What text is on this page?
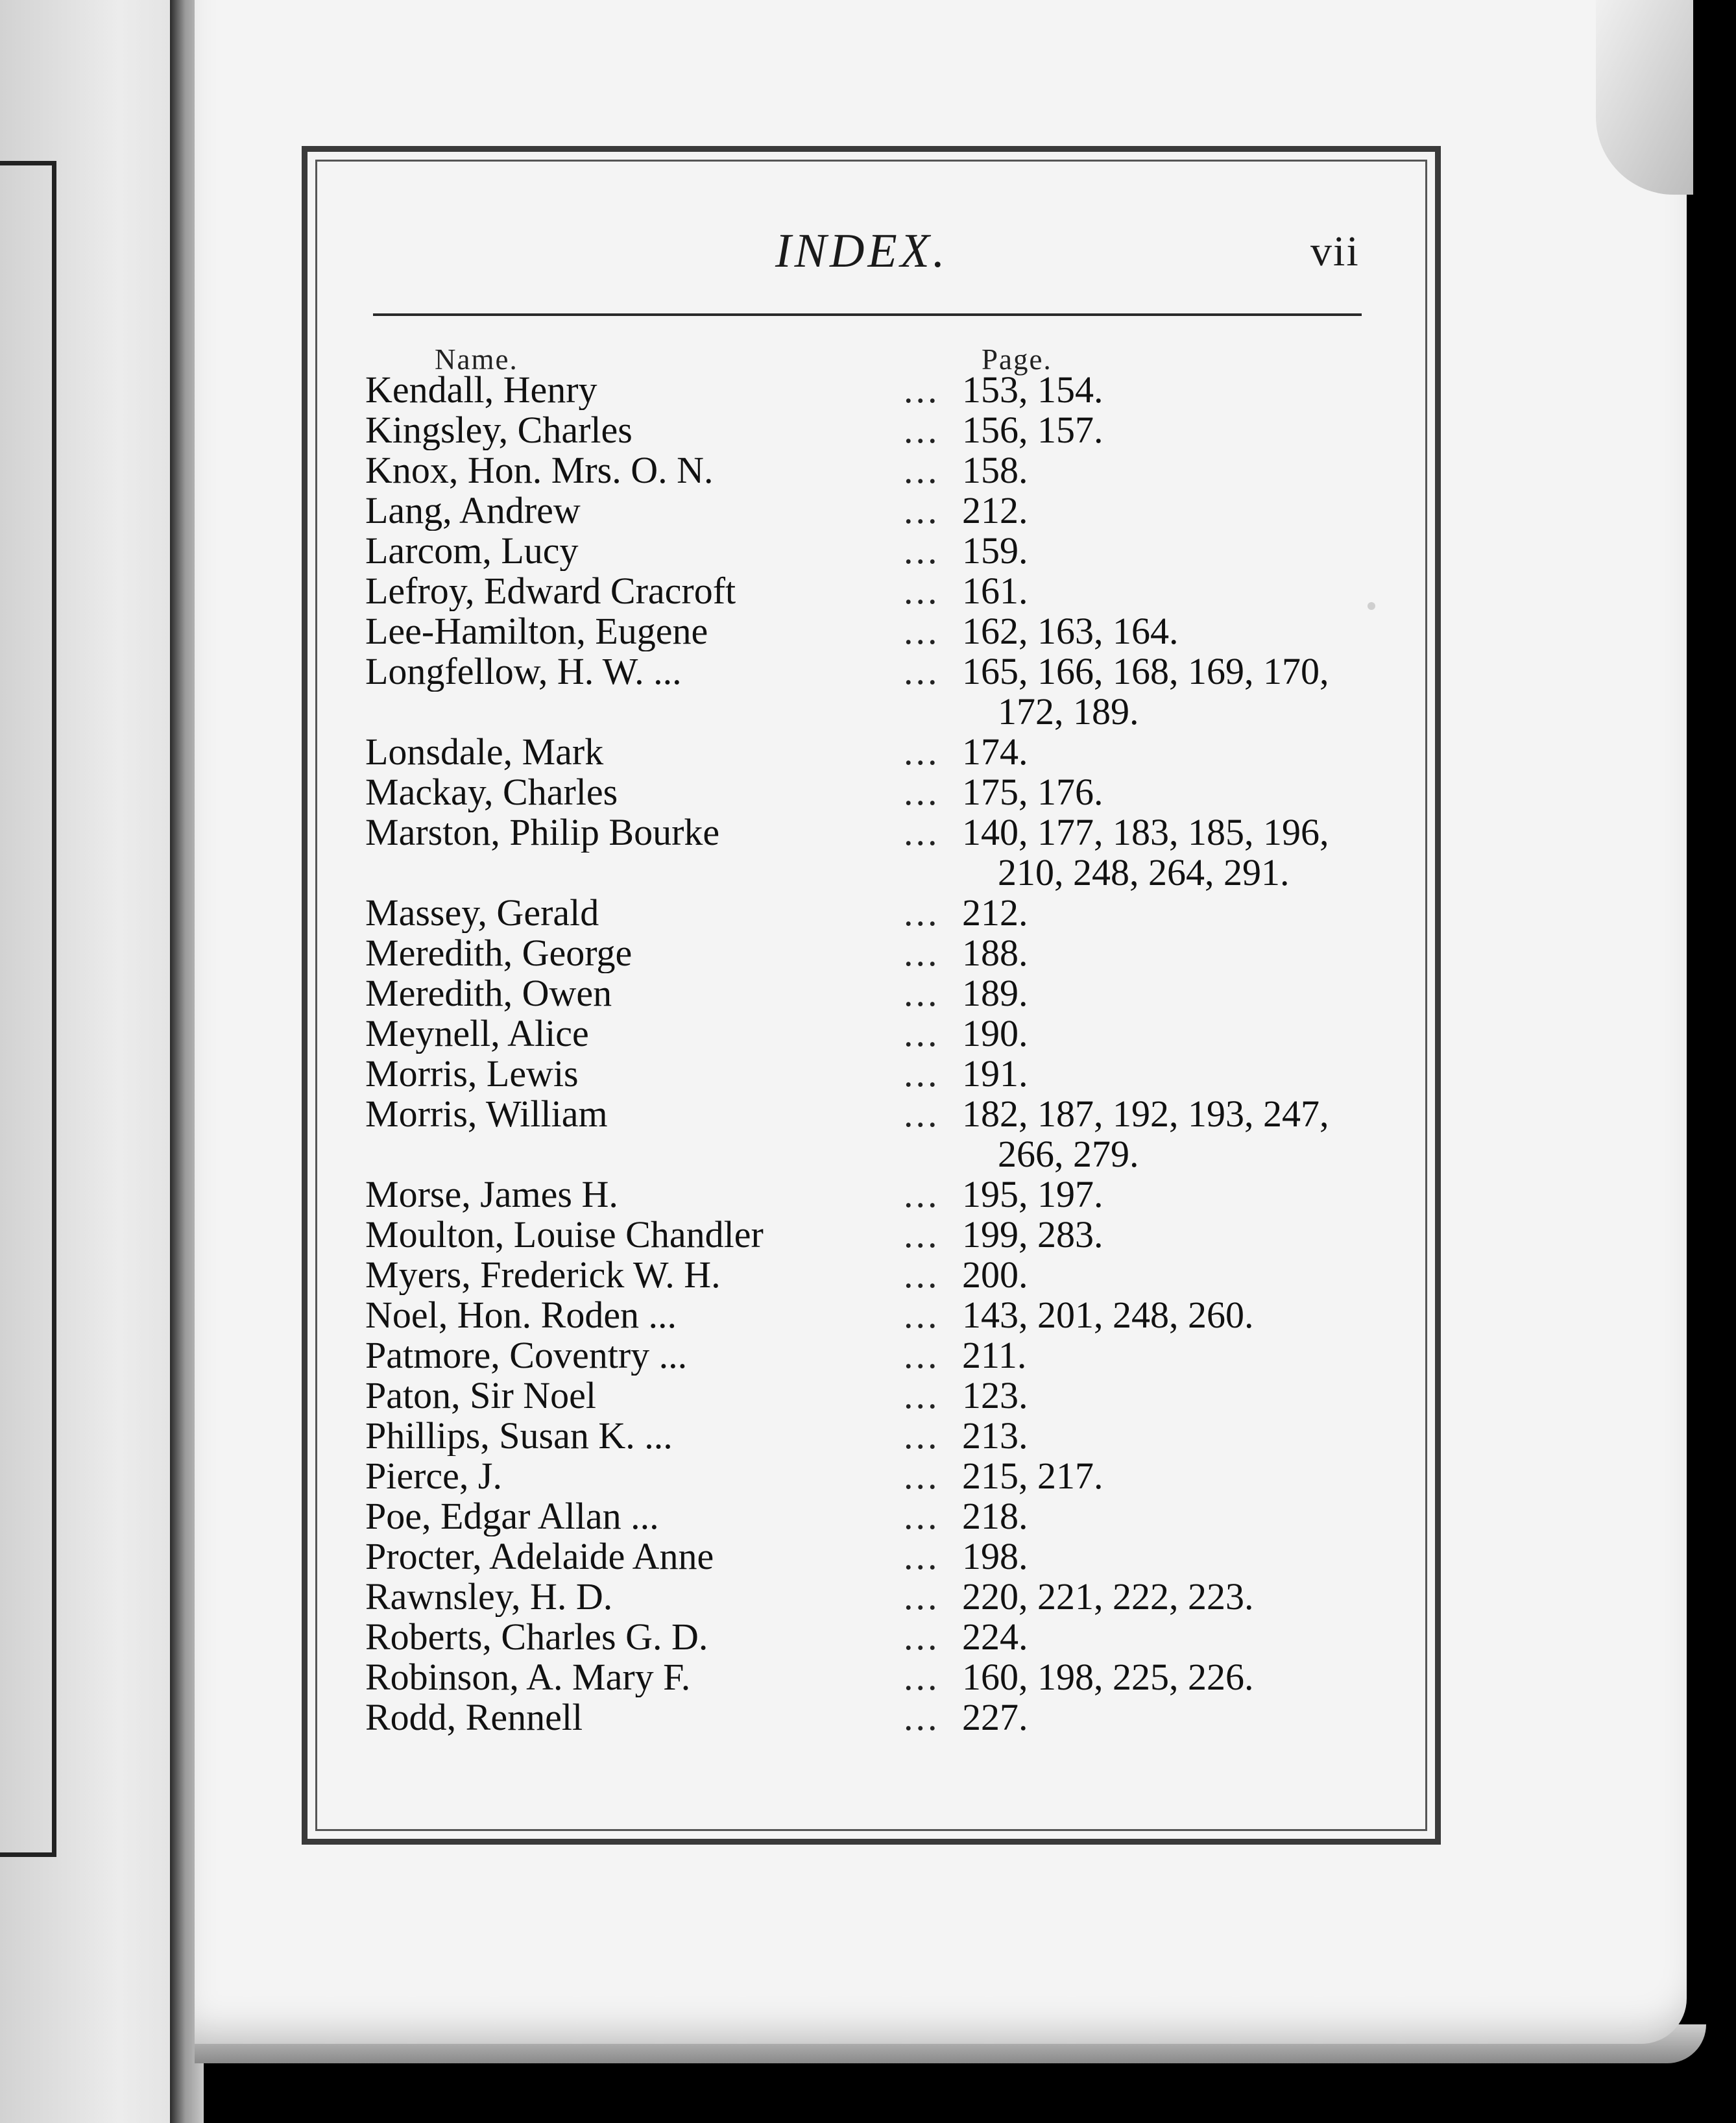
INDEX.	vii
Name.	Page.
Kendall, Henry	... 153, 154.
Kingsley, Charles	... 156, 157.
Knox, Hon. Mrs. O. N.	... 158.
Lang, Andrew	... 212.
Larcom, Lucy	... 159.
Lefroy, Edward Cracroft	... 161.
Lee-Hamilton, Eugene	... 162, 163, 164.
Longfellow, H. W. ...	... 165, 166, 168, 169, 170,
172, 189.
Lonsdale, Mark	... 174.
Mackay, Charles	... 175, 176.
Marston, Philip Bourke	... 140, 177, 183, 185, 196,
210, 248, 264, 291.
Massey, Gerald	... 212.
Meredith, George	... 188.
Meredith, Owen	... 189.
Meynell, Alice	... 190.
Morris, Lewis	... 191.
Morris, William	... 182, 187, 192, 193, 247,
266, 279.
Morse, James H.	... 195, 197.
Moulton, Louise Chandler	... 199, 283.
Myers, Frederick W. H.	... 200.
Noel, Hon. Roden ...	... 143, 201, 248, 260.
Patmore, Coventry ...	... 211.
Paton, Sir Noel	... 123.
Phillips, Susan K. ...	... 213.
Pierce, J.	... 215, 217.
Poe, Edgar Allan ...	... 218.
Procter, Adelaide Anne	... 198.
Rawnsley, H. D.	... 220, 221, 222, 223.
Roberts, Charles G. D.	... 224.
Robinson, A. Mary F.	... 160, 198, 225, 226.
Rodd, Rennell	... 227.
